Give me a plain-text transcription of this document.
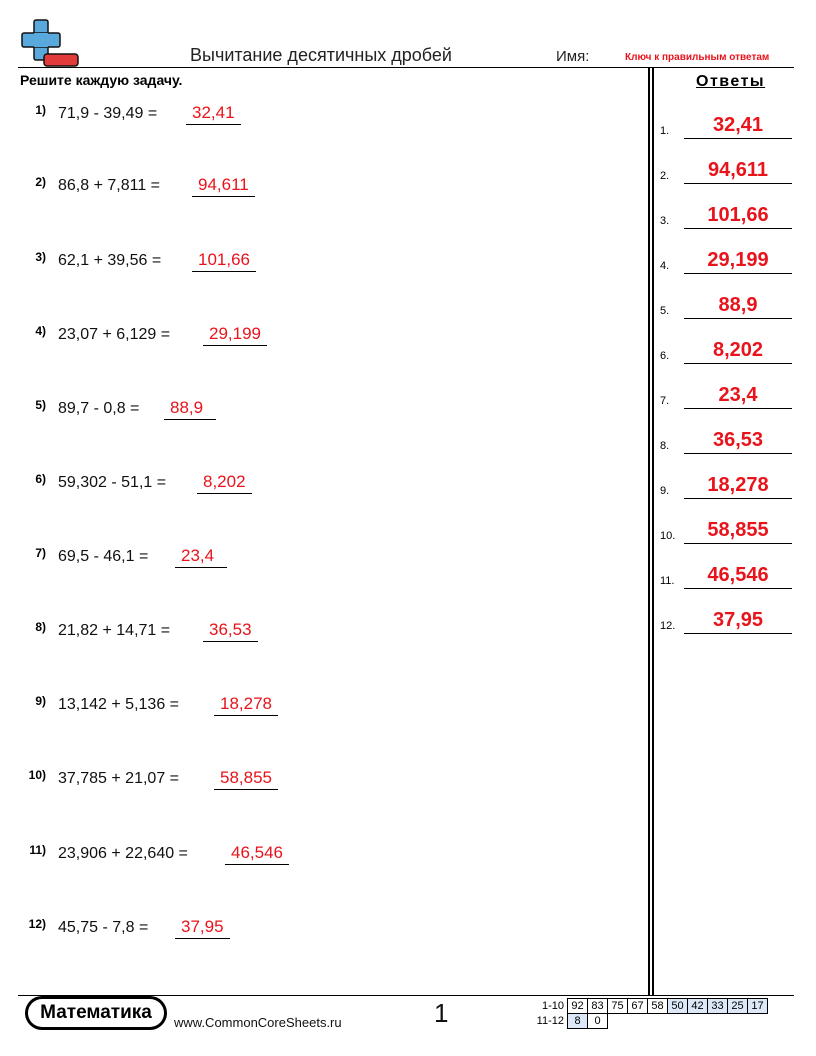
Вычитание десятичных дробей	Имя:	Ключ к правильным ответам
Решите каждую задачу.
1) 71,9 - 39,49 =	32,41
2) 86,8 + 7,811 =	94,611
3) 62,1 + 39,56 =	101,66
4) 23,07 + 6,129 =	29,199
5) 89,7 - 0,8 =	88,9
6) 59,302 - 51,1 =	8,202
7) 69,5 - 46,1 =	23,4
8) 21,82 + 14,71 =	36,53
9) 13,142 + 5,136 =	18,278
10) 37,785 + 21,07 =	58,855
11) 23,906 + 22,640 =	46,546
12) 45,75 - 7,8 =	37,95
Ответы
1.	32,41
2.	94,611
3.	101,66
4.	29,199
5.	88,9
6.	8,202
7.	23,4
8.	36,53
9.	18,278
10.	58,855
11.	46,546
12.	37,95
Математика	www.CommonCoreSheets.ru	1	1-10	92	83	75	67	58	50	42	33	25	17
11-12	8	0								
